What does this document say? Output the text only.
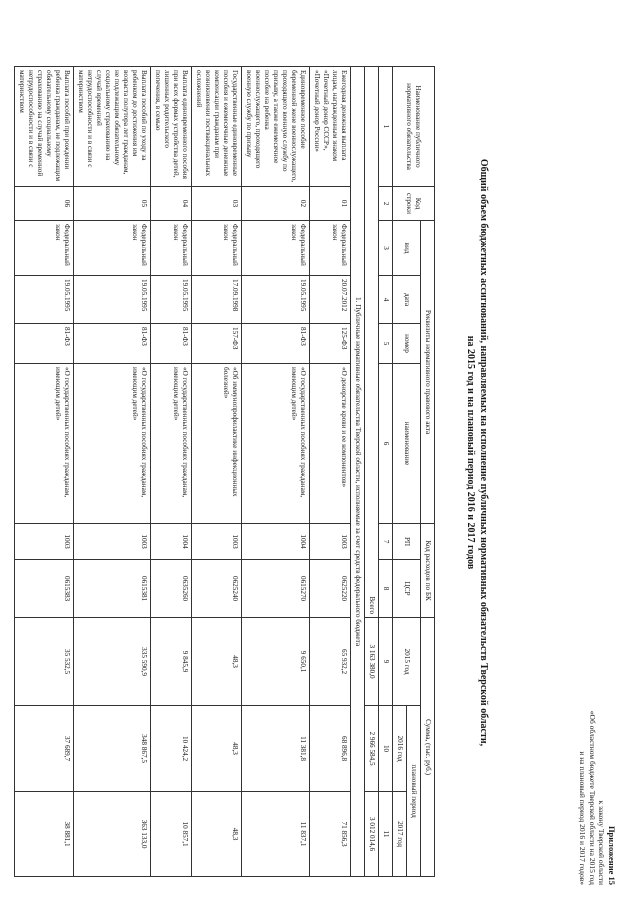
Приложение 15
к закону Тверской области
«Об областном бюджете Тверской области на 2015 год
и на плановый период 2016 и 2017 годов»
Общий объем бюджетных ассигнований, направляемых на исполнение публичных нормативных обязательств Тверской области,
на 2015 год и на плановый период 2016 и 2017 годов
Наименование публичного нормативного обязательства	Код строки	Реквизиты нормативного правового акта				Код расходов по БК		Сумма, (тыс. руб.)		
		вид	дата	номер	наименование	РП	ЦСР	2015 год	плановый период	
									2016 год	2017 год
1	2	3	4	5	6	7	8	9	10	11
Всего								3 163 380,0	2 966 584,5	3 012 014,6
1. Публичные нормативные обязательства Тверской области, исполняемые за счет средств федерального бюджета										
Ежегодная денежная выплата лицам, награжденным знаком «Почетный донор СССР», «Почетный донор России»	01	Федеральный закон	20.07.2012	125-ФЗ	«О донорстве крови и ее компонентов»	1003	0625220	65 932,2	68 896,8	71 856,3
Единовременное пособие беременной жене военнослужащего, проходящего военную службу по призыву, а также ежемесячное пособие на ребенка военнослужащего, проходящего военную службу по призыву	02	Федеральный закон	19.05.1995	81-ФЗ	«О государственных пособиях гражданам, имеющим детей»	1004	0615270	9 650,1	11 381,8	11 837,1
Государственные единовременные пособия и ежемесячные денежные компенсации гражданам при возникновении поствакцинальных осложнений	03	Федеральный закон	17.09.1998	157-ФЗ	«Об иммунопрофилактике инфекционных болезней»	1003	0625240	48,3	48,3	48,3
Выплата единовременного пособия при всех формах устройства детей, лишенных родительского попечения, в семью	04	Федеральный закон	19.05.1995	81-ФЗ	«О государственных пособиях гражданам, имеющим детей»	1004	0635260	9 845,9	10 424,2	10 857,1
Выплата пособий по уходу за ребенком до достижения им возраста полутора лет гражданам, не подлежащим обязательному социальному страхованию на случай временной нетрудоспособности и в связи с материнством	05	Федеральный закон	19.05.1995	81-ФЗ	«О государственных пособиях гражданам, имеющим детей»	1003	0615381	335 590,9	348 867,5	363 133,0
Выплата пособий при рождении ребенка гражданам, не подлежащим обязательному социальному страхованию на случай временной нетрудоспособности и в связи с материнством	06	Федеральный закон	19.05.1995	81-ФЗ	«О государственных пособиях гражданам, имеющим детей»	1003	0615383	35 532,5	37 689,7	38 881,1
